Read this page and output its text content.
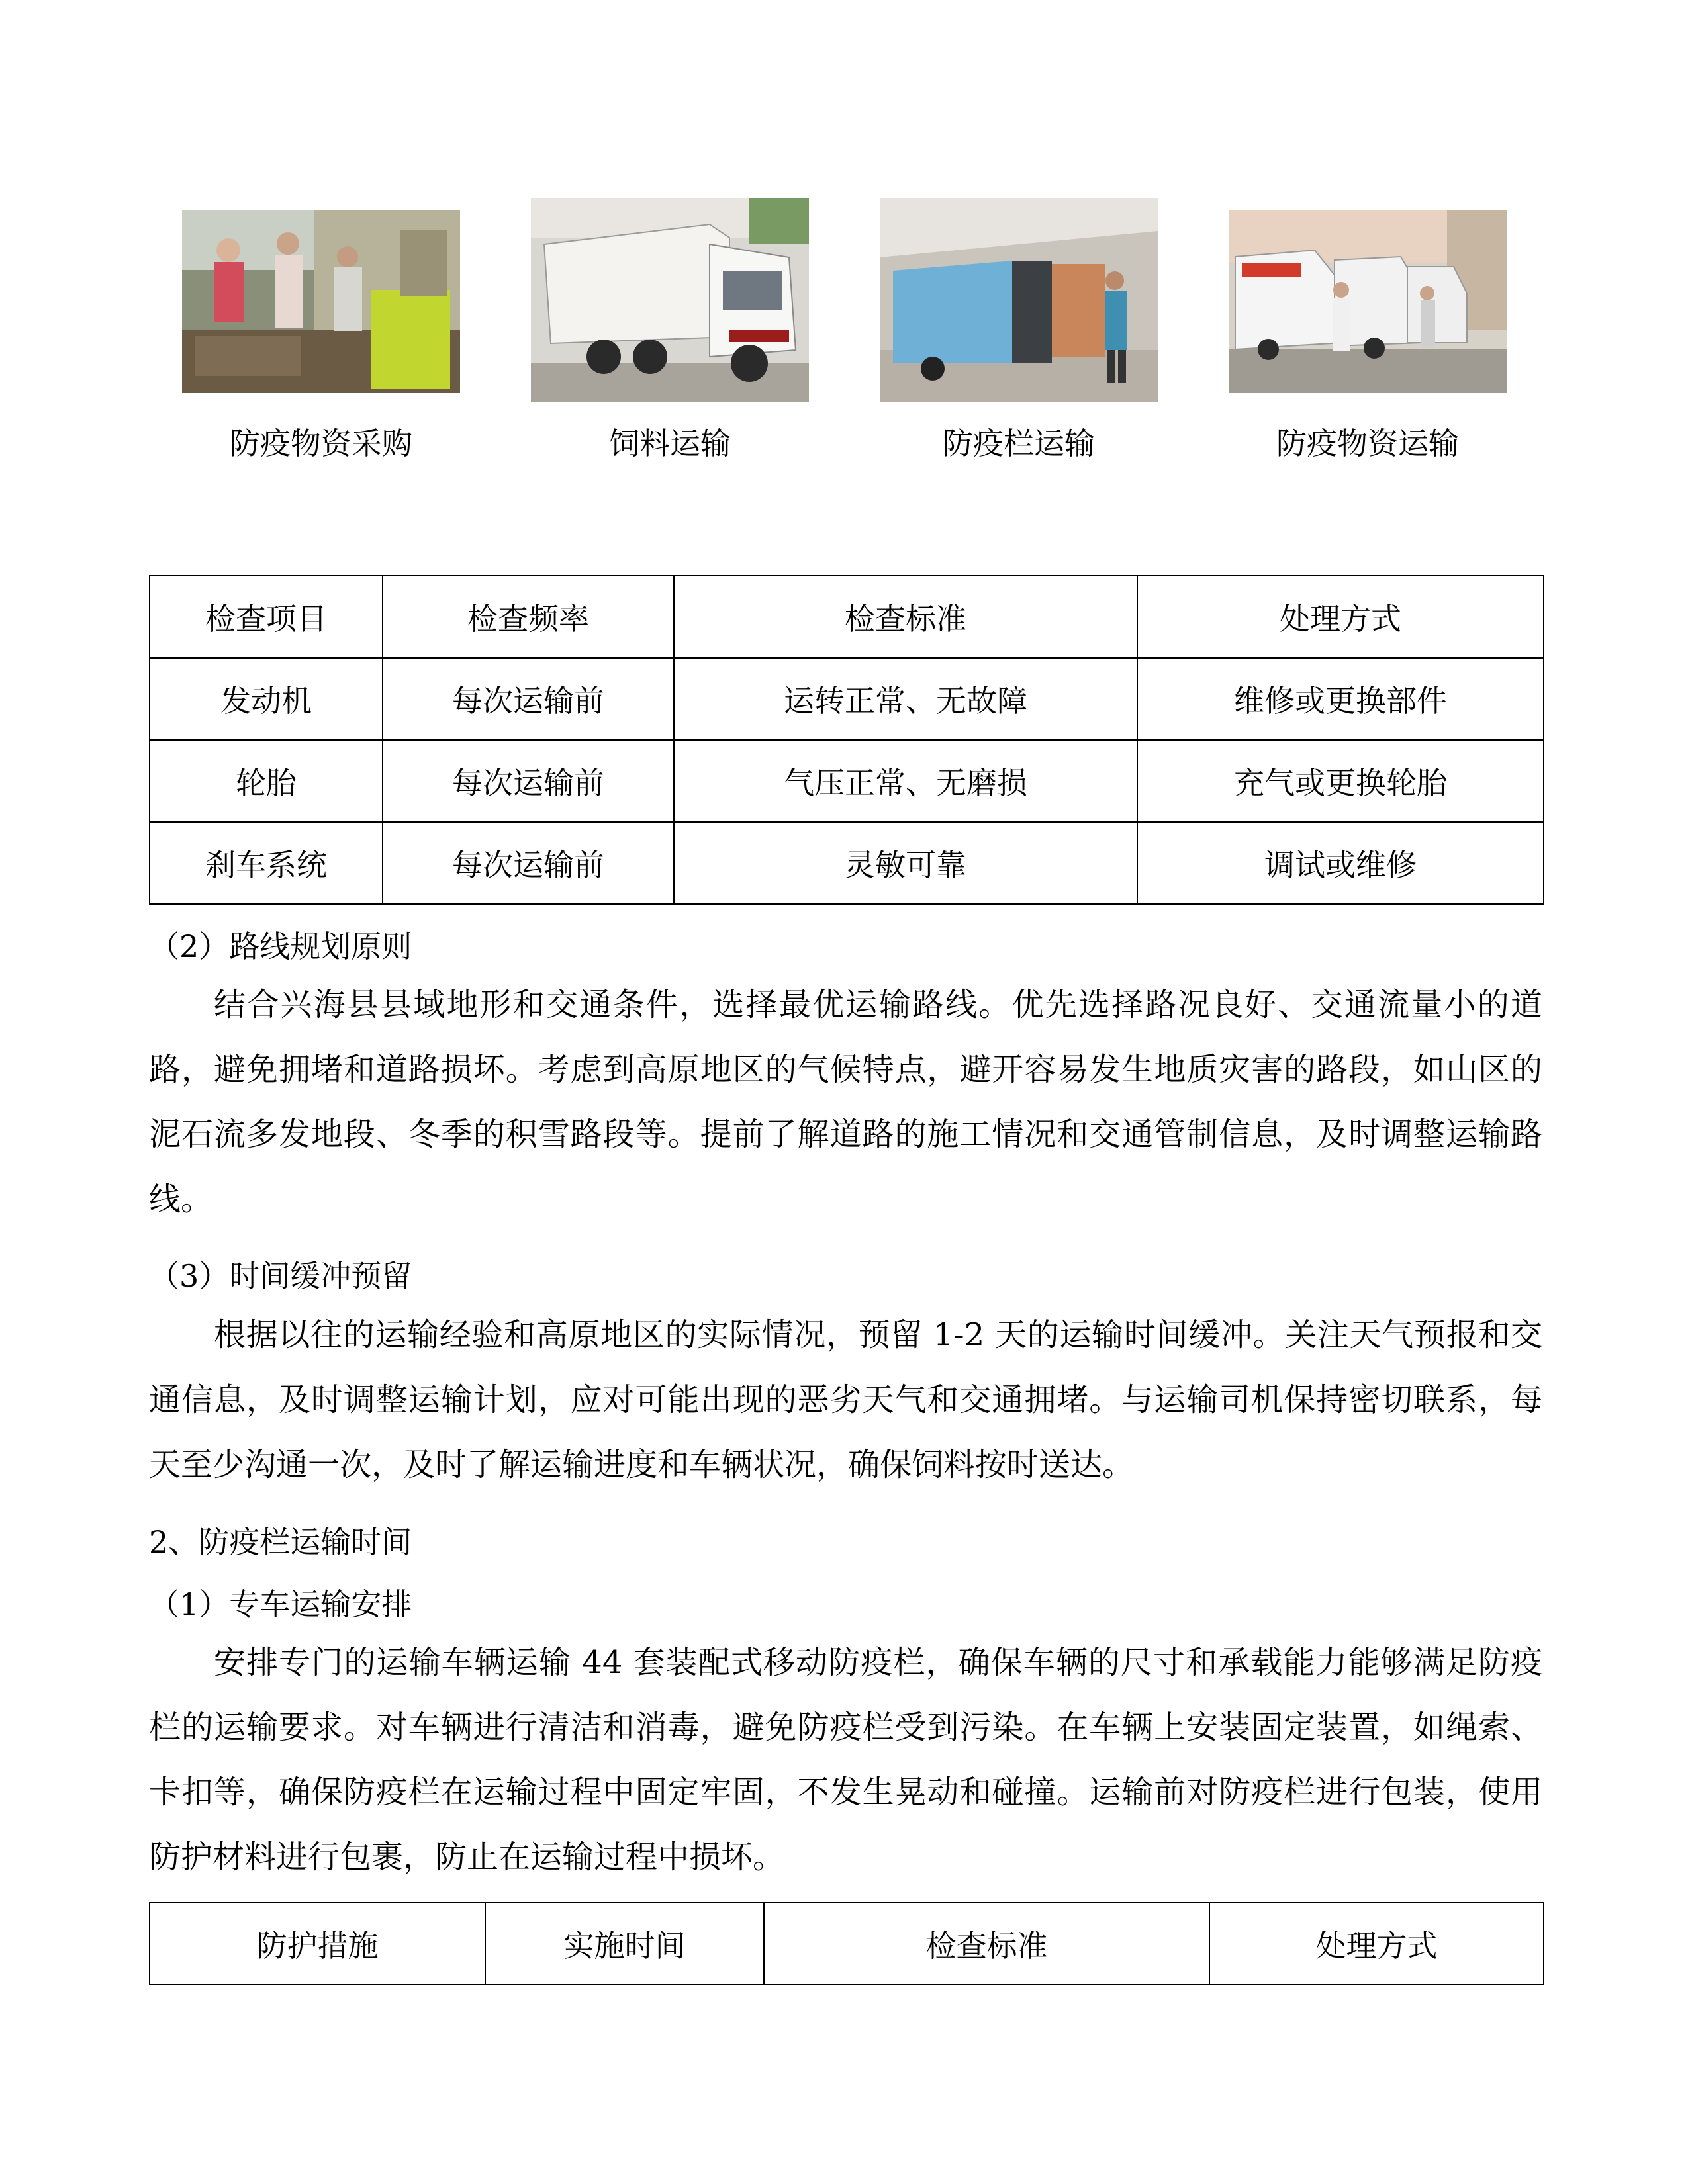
防疫物资采购	饲料运输	防疫栏运输	防疫物资运输
检查项目	检查频率	检查标准	处理方式
发动机	每次运输前	运转正常、无故障	维修或更换部件
轮胎	每次运输前	气压正常、无磨损	充气或更换轮胎
刹车系统	每次运输前	灵敏可靠	调试或维修
（2）路线规划原则
结合兴海县县域地形和交通条件，选择最优运输路线。优先选择路况良好、交通流量小的道路，避免拥堵和道路损坏。考虑到高原地区的气候特点，避开容易发生地质灾害的路段，如山区的泥石流多发地段、冬季的积雪路段等。提前了解道路的施工情况和交通管制信息，及时调整运输路线。
（3）时间缓冲预留
根据以往的运输经验和高原地区的实际情况，预留 1-2 天的运输时间缓冲。关注天气预报和交通信息，及时调整运输计划，应对可能出现的恶劣天气和交通拥堵。与运输司机保持密切联系，每天至少沟通一次，及时了解运输进度和车辆状况，确保饲料按时送达。
2、防疫栏运输时间
（1）专车运输安排
安排专门的运输车辆运输 44 套装配式移动防疫栏，确保车辆的尺寸和承载能力能够满足防疫栏的运输要求。对车辆进行清洁和消毒，避免防疫栏受到污染。在车辆上安装固定装置，如绳索、卡扣等，确保防疫栏在运输过程中固定牢固，不发生晃动和碰撞。运输前对防疫栏进行包装，使用防护材料进行包裹，防止在运输过程中损坏。
防护措施	实施时间	检查标准	处理方式
